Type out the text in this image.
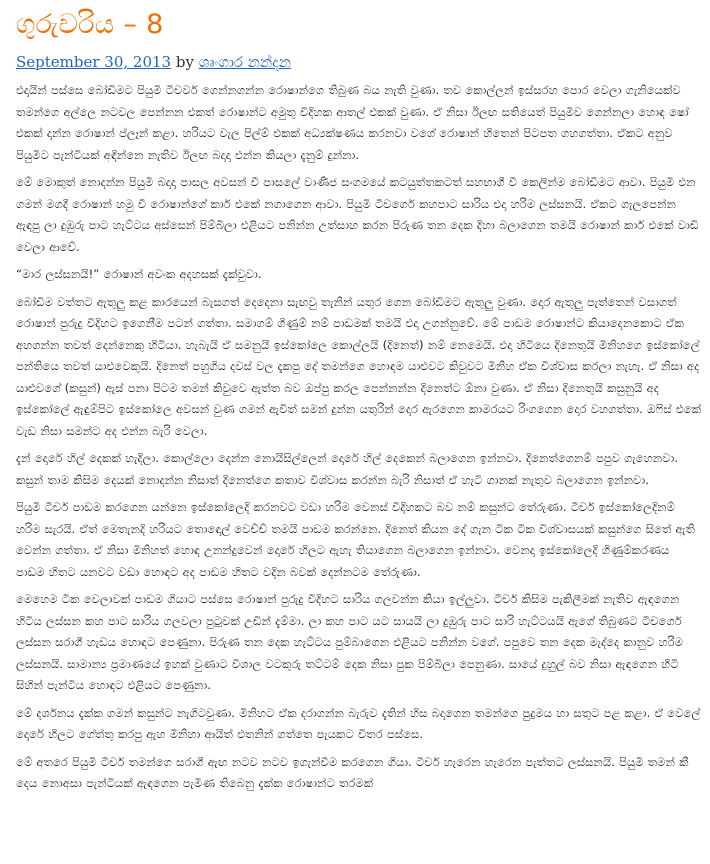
ගුරුචරිය – 8
September 30, 2013 by ශෘංගාර නන්දන

එදායින් පස්සෙ බෝඩිමට පියුමි ටීචර්ව ගෙන්නගන්න රොෂාන්ගෙ තිබුණ බය නැති වුණා. තව කොල්ලන් ඉස්සරහ පොර වෙලා ගැනියෙක්ව තමන්ගෙ අල්ලෙ නටවල පෙන්නන එකත් රොෂාන්ට අමුතු විදිහක ආතල් එකක් වුණා. ඒ නිසා ඊලඟ සතියෙත් පියුමිව ගෙන්නලා හොඳ ෂෝ එකක් දාන්න රොෂාන් ප්ලෑන් කළා. හරියට වැල පිල්ම් එකක් අධ්‍යක්ෂණය කරනවා වගේ රොෂාන් හිතෙන් පිටපත ගහගත්තා. ඒකට අනුව පියුමිට පැන්ටියක් අඳින්නෙ නැතිව ඊලඟ බදාදා එන්න කියලා දැනුම් දුන්නා.

මේ මොකුත් නොදන්න පියුමි බදාදා පාසල අවසන් වී පාසලේ වාණිජ සංගමයේ කටයුත්තකටත් සහභාගී වී කෙලින්ම බෝඩිමට ආවා. පියුමි එන ගමන් මගදී රොෂාන් හමු වී රොෂාන්ගේ කාර් එකේ නගාගෙන ආවා. පියුමි ටීචර්ගෙ කහපාට සාරිය එදා හරිම ලස්සනයි. ඒකට ගැලපෙන්න ඇඳපු ලා දුඹුරු පාට හැට්ටය අස්සෙන් පිම්බිලා එළියට පනින්න උත්සාහ කරන පිරුණ තන දෙක දිහා බලාගෙන තමයි රොෂාන් කාර් එකේ වාඩි වෙලා ආවේ.

“මාර ලස්සනයි!” රොෂාන් අවංක අදහසක් දැක්වුවා.

බෝඩිම වත්තට ඇතුලු කළ කාරයෙන් බැසගත් දෙදෙනා සැඟවු තැනින් යතුර ගෙන බෝඩිමට ඇතුලු වුණා. දොර ඇතුලු පැත්තෙන් වසාගත් රොෂාන් පුරුදු විදිහට ඉගෙනීම පටන් ගත්තා. සමාගම් ගිණුම් නම් පාඩමක් තමයි එදා උගන්නුවේ. මේ පාඩම රොෂාන්ට කියාදෙනකොට ඒක අහගන්න තවත් දෙන්නෙකු හිටියා. හැබැයි ඒ සමනුයි ඉස්කෝලෙ කොල්ලයි (දිනෙත්) නම් නෙමෙයි. එදා හිටියෙ දිනෙතුයි මිනිහගෙ ඉස්කෝලේ පන්තියෙ තවත් යාළුවෙකුයි. දිනෙත් පහුගිය දවස් වල දැකපු දේ තමන්ගෙ හොඳම යාළුවට කිවුවට මිනිහ ඒක විශ්වාස කරලා නැහැ. ඒ නිසා අද යාළුවගේ (කසුන්) ඇස් පනා පිටම තමන් කිවුවෙ ඇත්ත බව ඔප්පු කරල පෙන්නන්න දිනෙත්ට ඕනා වුණා. ඒ නිසා දිනෙතුයි කසුනුයි අද ඉස්කෝලේ ඇඳුම්පිට ඉස්කෝලෙ අවසන් වුණ ගමන් ඇවිත් සමන් දුන්න යතුරින් දොර ඇරගෙන කාමරයට රිංගගෙන දොර වහගත්තා. ඔෆිස් එකේ වැඩ නිසා සමන්ට අද එන්න බැරි වෙලා.

දැන් දොරේ හිල් දෙකක් හැදිලා. කොල්ලො දෙන්න නොයිසිල්ලෙන් දොරේ හිල් දෙකෙන් බලාගෙන ඉන්නවා. දිනෙත්ගෙනම් පපුව ගැහෙනවා. කසුන් තාම කිසිම දෙයක් නොදන්න නිසාත් දිනෙත්ගෙ කතාව විශ්වාස කරන්න බැරි නිසාත් ඒ හැටි ගානක් නැතුව බලාගෙන ඉන්නවා.

පියුමි ටීචර් පාඩම කරගෙන යන්නෙ ඉස්කෝලෙදි කරනවට වඩා හරිම වෙනස් විදිහකට බව නම් කසුන්ට තේරුණා. ටීචර් ඉස්කෝලෙදිනම් හරිම සැරයි. ඒත් මෙතැනදි හරියට තොඳොල් වෙච්ච් තමයි පාඩම කරන්නෙ. දිනෙත් කියන දේ ගැන ටික ටික විශ්වාසයක් කසුන්ගෙ සිතේ ඇති වෙන්න ගත්තා. ඒ නිසා මිනිහත් හොඳ උනන්දුවෙන් දොරේ හිලට ඇහැ තියාගෙන බලාගෙන ඉන්නවා. වෙනදා ඉස්කෝලෙදි ගිණුම්කරණය පාඩම හිතට යනවට වඩා හොඳට අද පාඩම හිතට වදින බවක් දෙන්නටම තේරුණා.

මෙහෙම ටික වෙලාවක් පාඩම ගියාට පස්සෙ රොෂාන් පුරුදු විදිහට සාරිය ගලවන්න කියා ඉල්ලුවා. ටීචර් කිසිම පැකිලීමක් නැතිව ඇඳගෙන හිටිය ලස්සන කහ පාට සාරිය ගලවලා පුටුවක් උඩින් දැම්මා. ලා කහ පාට යට සායයි ලා දුඹුරු පාට සාරි හැට්ටයයි ඇගේ තිබුණට ටීචර්ගෙ ලස්සන සරාගී හැඩය හොඳට පෙණුනා. පිරුණ තන දෙක හැට්ටය පුම්බාගෙන එළියට පනින්න වගේ. පපුවෙ තන දෙක මැද්දෙ කානුව හරිම ලස්සනයි. සාමාන්‍ය ප්‍රමාණයේ ඉහක් වුණාට විශාල වටකුරු තට්ටම් දෙක නිසා පුක පිම්බිලා පෙනුණා. සායේ දුහුල් බව නිසා ඇඳගෙන හිටි සිහින් පැන්ටිය හොඳට එළියට පෙණුනා.

මේ දර්ශනය දැක්ක ගමන් කසුන්ට නැගිටවුණා. මිනිහට ඒක දරාගන්න බැරුව දැතින් හිස බදාගෙන තමන්ගෙ පුදුමය හා සතුට පළ කළා. ඒ වෙලේ දොරේ හිලට ගේත්තු කරපු ඇහ මිනිහා ආයිත් එතනින් ගත්තෙ පැයකට විතර පස්සෙ.

මේ අතරෙ පියුමි ටීචර් තමන්ගෙ සරාගී ඇඟ නටව නටව ඉගැන්වීම කරගෙන ගියා. ටීචර් හැරෙන හැරෙන පැත්තට ලස්සනයි. පියුමි තමන් කී දෙය නොඅසා පැන්ටියක් ඇඳගෙන පැමිණ තිබෙනු දැක්ක රොෂාන්ට තරමක්
